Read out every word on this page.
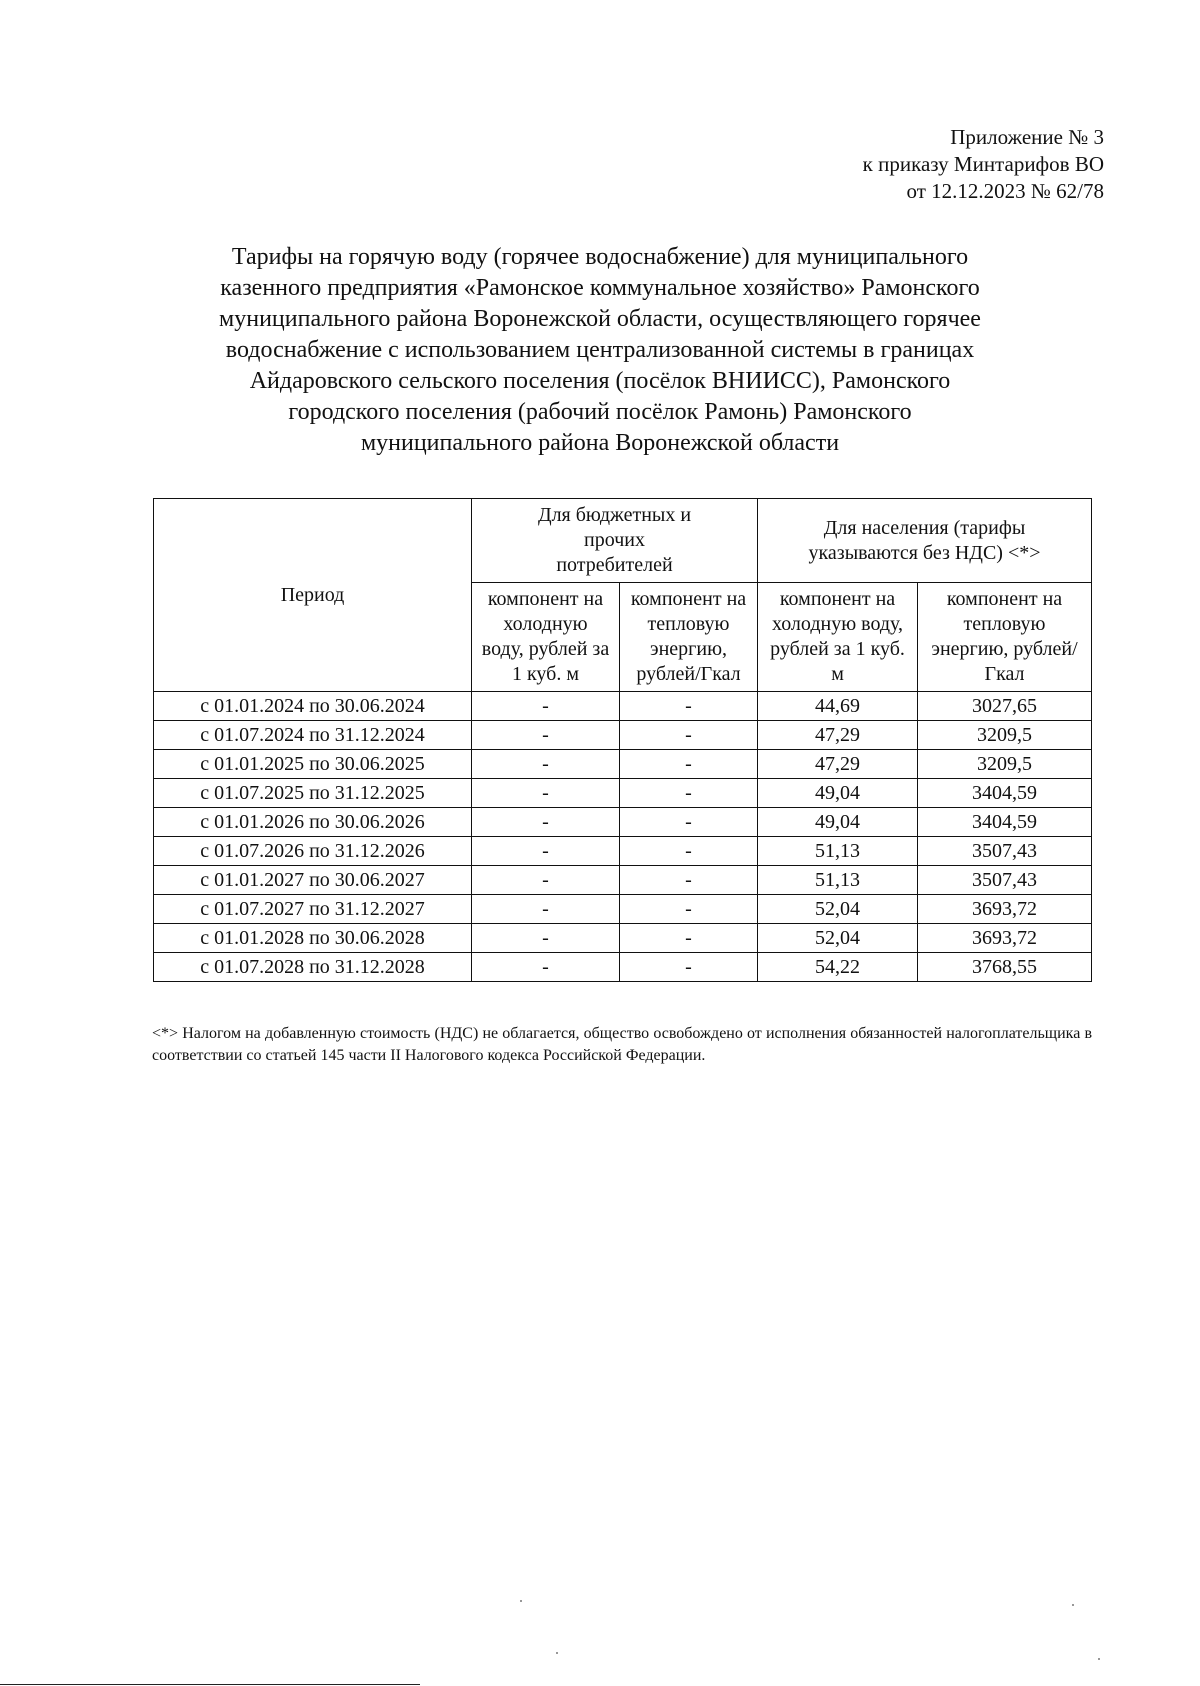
Приложение № 3
к приказу Минтарифов ВО
от 12.12.2023 № 62/78
Тарифы на горячую воду (горячее водоснабжение) для муниципального
казенного предприятия «Рамонское коммунальное хозяйство» Рамонского
муниципального района Воронежской области, осуществляющего горячее
водоснабжение с использованием централизованной системы в границах
Айдаровского сельского поселения (посёлок ВНИИСС), Рамонского
городского поселения (рабочий посёлок Рамонь) Рамонского
муниципального района Воронежской области
Период	Для бюджетных и прочих потребителей		Для населения (тарифы указываются без НДС) <*>	
	компонент на холодную воду, рублей за 1 куб. м	компонент на тепловую энергию, рублей/Гкал	компонент на холодную воду, рублей за 1 куб. м	компонент на тепловую энергию, рублей/Гкал
с 01.01.2024 по 30.06.2024	-	-	44,69	3027,65
с 01.07.2024 по 31.12.2024	-	-	47,29	3209,5
с 01.01.2025 по 30.06.2025	-	-	47,29	3209,5
с 01.07.2025 по 31.12.2025	-	-	49,04	3404,59
с 01.01.2026 по 30.06.2026	-	-	49,04	3404,59
с 01.07.2026 по 31.12.2026	-	-	51,13	3507,43
с 01.01.2027 по 30.06.2027	-	-	51,13	3507,43
с 01.07.2027 по 31.12.2027	-	-	52,04	3693,72
с 01.01.2028 по 30.06.2028	-	-	52,04	3693,72
с 01.07.2028 по 31.12.2028	-	-	54,22	3768,55
<*> Налогом на добавленную стоимость (НДС) не облагается, общество освобождено от исполнения обязанностей налогоплательщика в соответствии со статьей 145 части II Налогового кодекса Российской Федерации.
